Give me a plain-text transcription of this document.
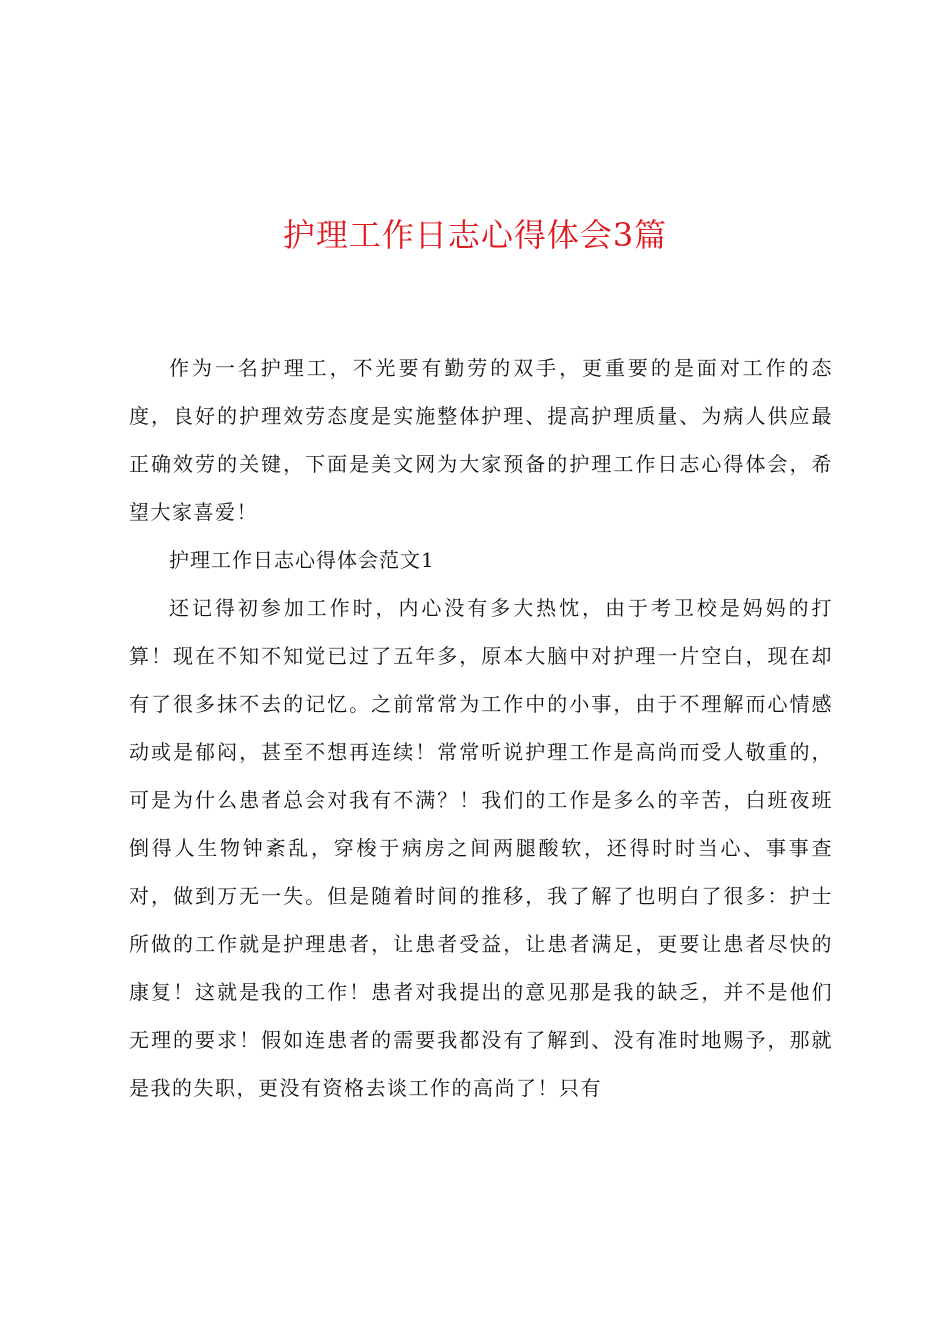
护理工作日志心得体会3篇

作为一名护理工，不光要有勤劳的双手，更重要的是面对工作的态度，良好的护理效劳态度是实施整体护理、提高护理质量、为病人供应最正确效劳的关键，下面是美文网为大家预备的护理工作日志心得体会，希望大家喜爱！

护理工作日志心得体会范文1

还记得初参加工作时，内心没有多大热忱，由于考卫校是妈妈的打算！现在不知不知觉已过了五年多，原本大脑中对护理一片空白，现在却有了很多抹不去的记忆。之前常常为工作中的小事，由于不理解而心情感动或是郁闷，甚至不想再连续！常常听说护理工作是高尚而受人敬重的，可是为什么患者总会对我有不满？！我们的工作是多么的辛苦，白班夜班倒得人生物钟紊乱，穿梭于病房之间两腿酸软，还得时时当心、事事查对，做到万无一失。但是随着时间的推移，我了解了也明白了很多：护士所做的工作就是护理患者，让患者受益，让患者满足，更要让患者尽快的康复！这就是我的工作！患者对我提出的意见那是我的缺乏，并不是他们无理的要求！假如连患者的需要我都没有了解到、没有准时地赐予，那就是我的失职，更没有资格去谈工作的高尚了！只有
